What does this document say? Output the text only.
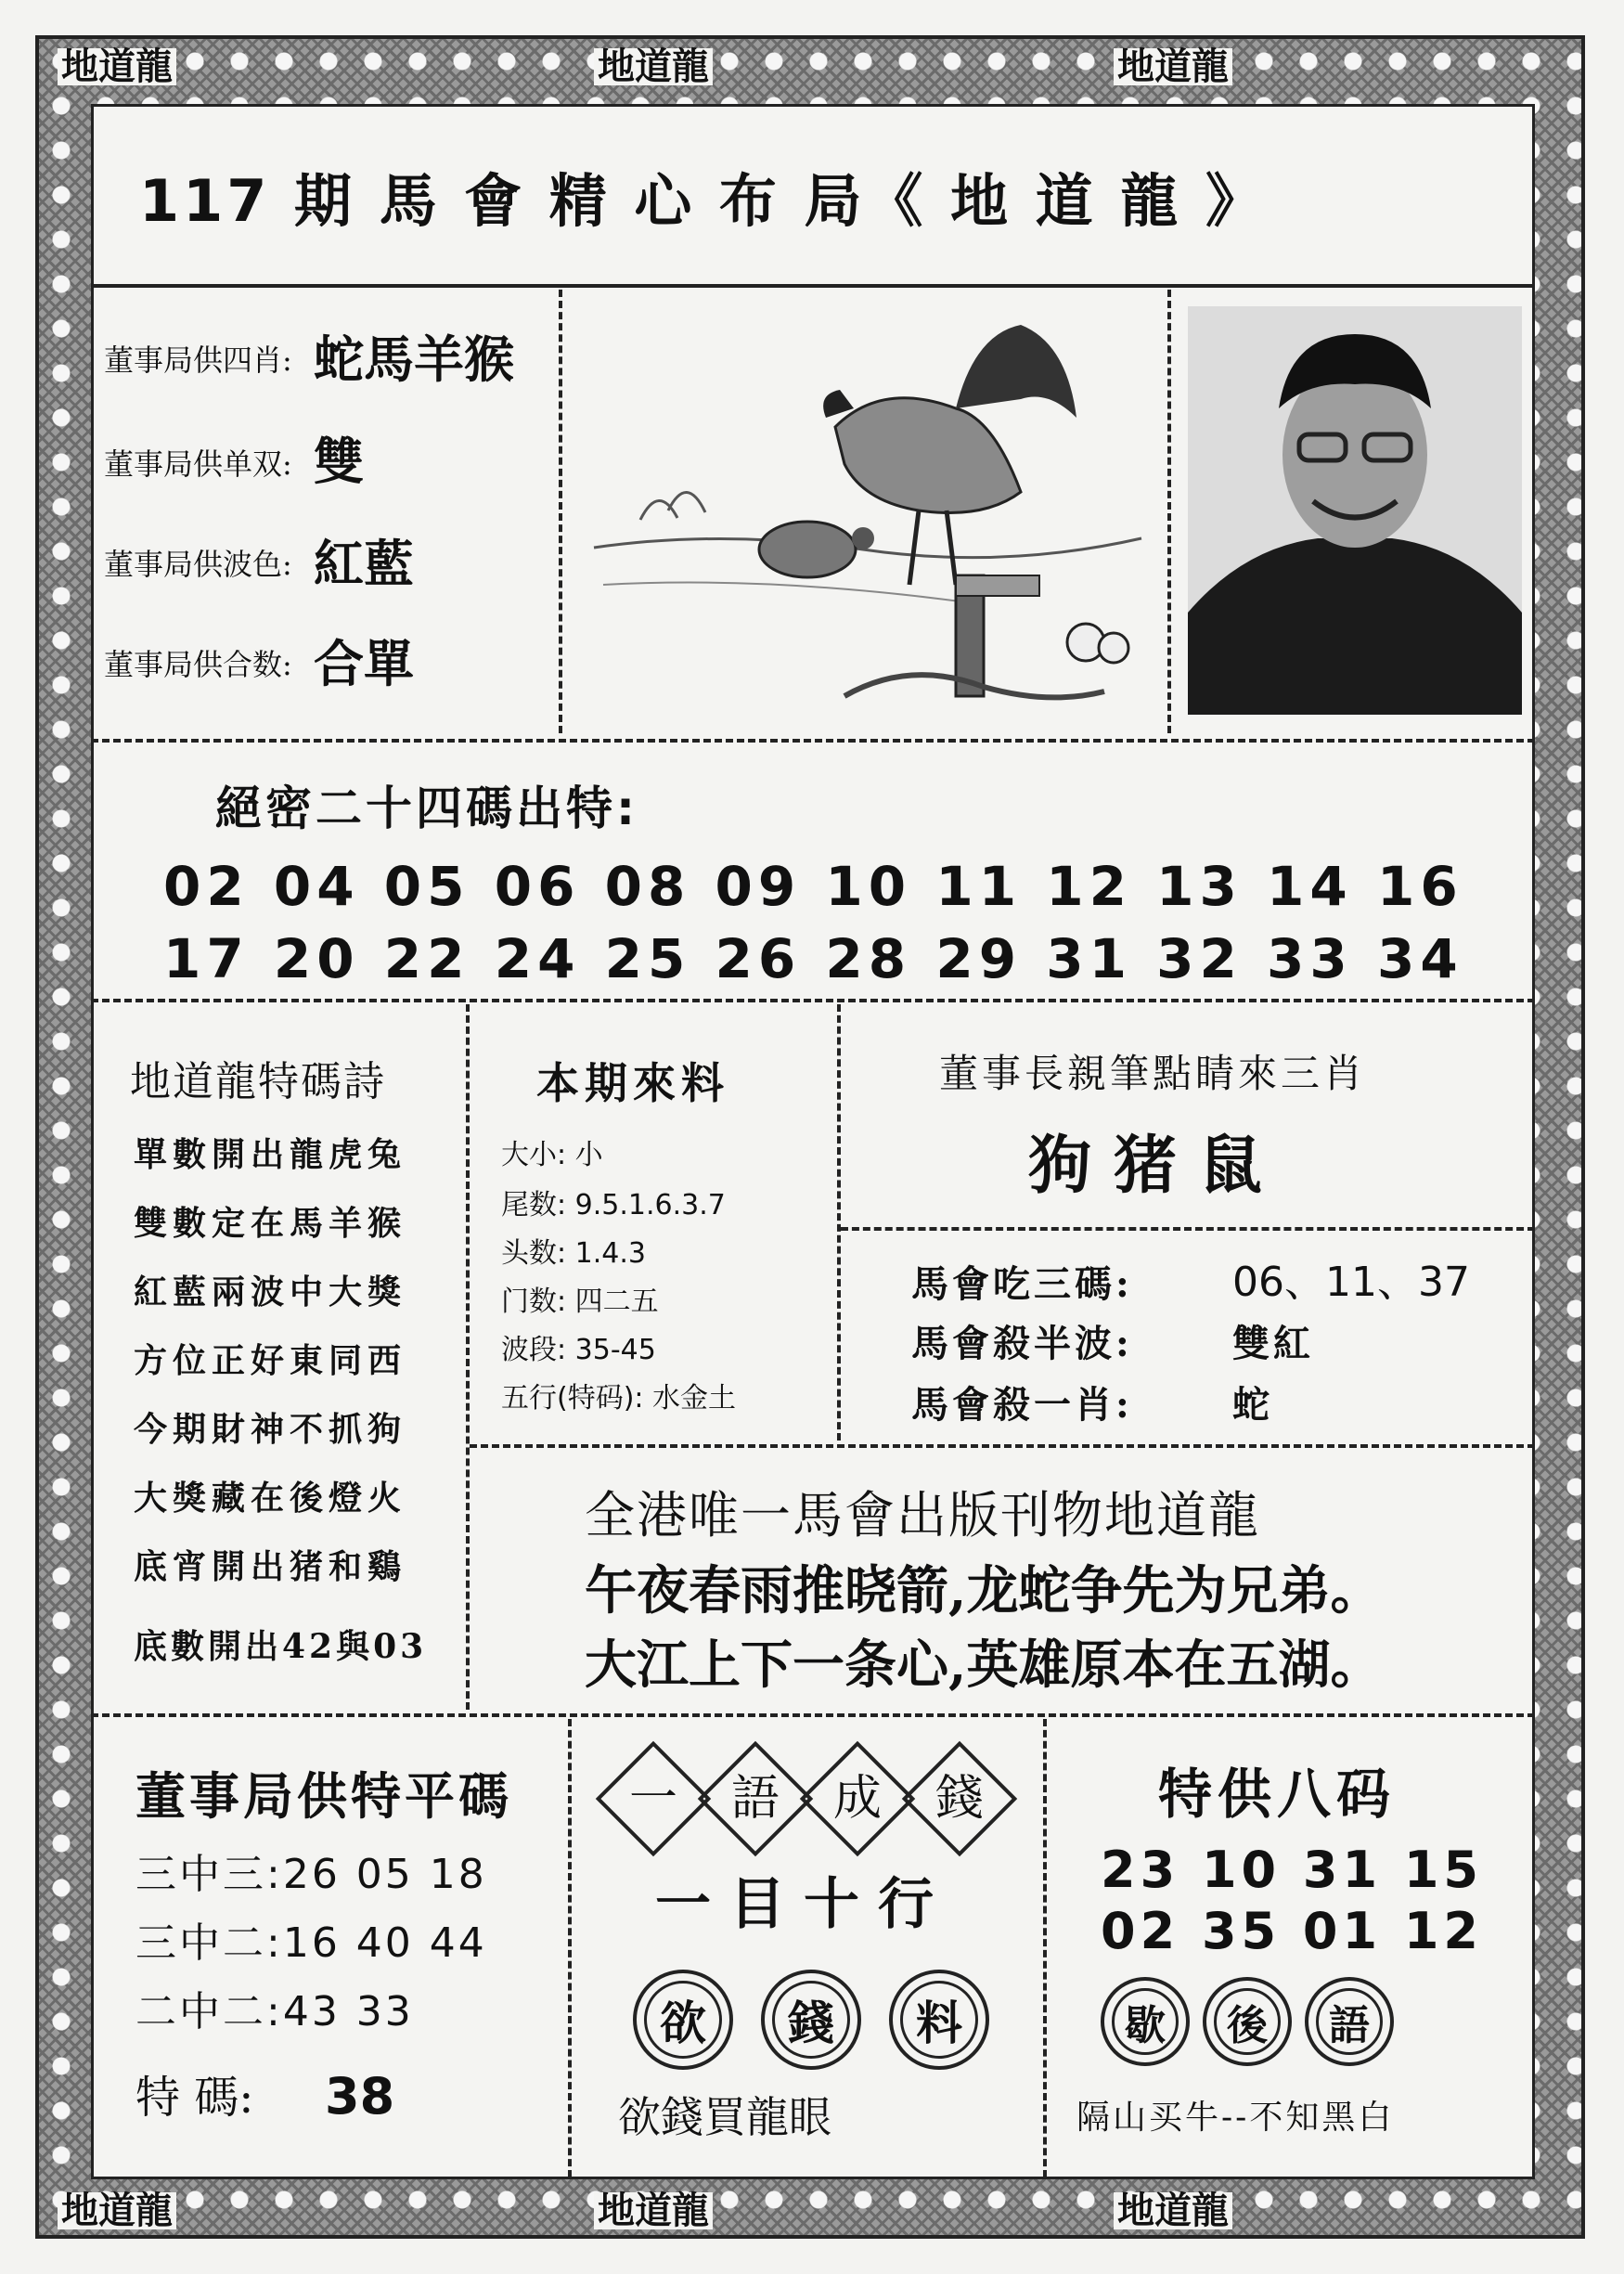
地道龍	地道龍	地道龍
地道龍	地道龍	地道龍
117 期 馬 會 精 心 布 局《 地 道 龍 》
董事局供四肖: 蛇馬羊猴
董事局供单双: 雙
董事局供波色: 紅藍
董事局供合数: 合單
絕密二十四碼出特:
02 04 05 06 08 09 10 11 12 13 14 16
17 20 22 24 25 26 28 29 31 32 33 34
地道龍特碼詩
單數開出龍虎兔
雙數定在馬羊猴
紅藍兩波中大獎
方位正好東同西
今期財神不抓狗
大獎藏在後燈火
底宵開出猪和鷄
底數開出42與03
本期來料
大小: 小
尾数: 9.5.1.6.3.7
头数: 1.4.3
门数: 四二五
波段: 35-45
五行(特码): 水金土
董事長親筆點睛來三肖
狗猪鼠
馬會吃三碼: 06、11、37
馬會殺半波:	雙紅
馬會殺一肖:	蛇
全港唯一馬會出版刊物地道龍
午夜春雨推晓箭,龙蛇争先为兄弟。
大江上下一条心,英雄原本在五湖。
董事局供特平碼
三中三:26 05 18
三中二:16 40 44
二中二:43 33
特 碼: 38
一	語	成	錢
一目十行
欲	錢	料
欲錢買龍眼
特供八码
23 10 31 15
02 35 01 12
歇	後	語
隔山买牛--不知黑白
